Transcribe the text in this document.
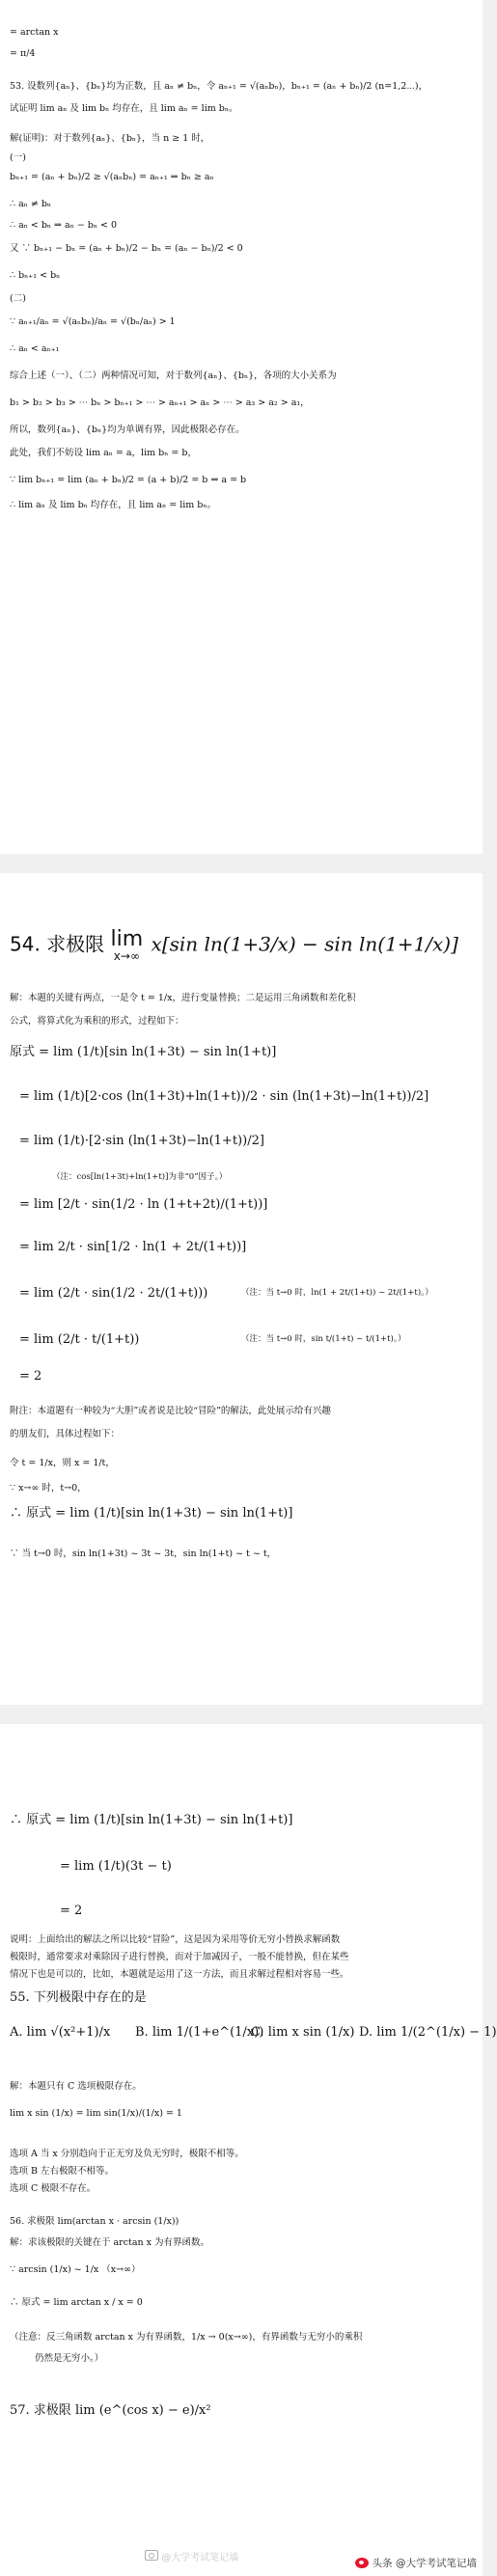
= arctan x
= π/4
53. 设数列{aₙ}、{bₙ}均为正数，且 aₙ ≠ bₙ，令 aₙ₊₁ = √(aₙbₙ)，bₙ₊₁ = (aₙ + bₙ)/2 (n=1,2⋯)，
试证明 lim aₙ 及 lim bₙ 均存在，且 lim aₙ = lim bₙ。
解(证明)：对于数列{aₙ}、{bₙ}，当 n ≥ 1 时，
(一)
bₙ₊₁ = (aₙ + bₙ)/2 ≥ √(aₙbₙ) = aₙ₊₁ ⇒ bₙ ≥ aₙ
∴ aₙ ≠ bₙ
∴ aₙ < bₙ ⇒ aₙ − bₙ < 0
又 ∵ bₙ₊₁ − bₙ = (aₙ + bₙ)/2 − bₙ = (aₙ − bₙ)/2 < 0
∴ bₙ₊₁ < bₙ
(二)
∵ aₙ₊₁/aₙ = √(aₙbₙ)/aₙ = √(bₙ/aₙ) > 1
∴ aₙ < aₙ₊₁
综合上述（一）、（二）两种情况可知，对于数列{aₙ}、{bₙ}，各项的大小关系为
b₁ > b₂ > b₃ > ⋯ bₙ > bₙ₊₁ > ⋯ > aₙ₊₁ > aₙ > ⋯ > a₃ > a₂ > a₁，
所以，数列{aₙ}、{bₙ}均为单调有界，因此极限必存在。
此处，我们不妨设 lim aₙ = a，lim bₙ = b，
∵ lim bₙ₊₁ = lim (aₙ + bₙ)/2 = (a + b)/2 = b ⇒ a = b
∴ lim aₙ 及 lim bₙ 均存在，且 lim aₙ = lim bₙ。
54. 求极限 lim
x→∞
x[sin ln(1+3/x) − sin ln(1+1/x)]
解：本题的关键有两点，一是令 t = 1/x，进行变量替换；二是运用三角函数和差化积
公式，将算式化为乘积的形式，过程如下：
原式 = lim (1/t)[sin ln(1+3t) − sin ln(1+t)]
= lim (1/t)[2·cos (ln(1+3t)+ln(1+t))/2 · sin (ln(1+3t)−ln(1+t))/2]
= lim (1/t)·[2·sin (ln(1+3t)−ln(1+t))/2]
（注：cos[ln(1+3t)+ln(1+t)]为非“0”因子。）
= lim [2/t · sin(1/2 · ln (1+t+2t)/(1+t))]
= lim 2/t · sin[1/2 · ln(1 + 2t/(1+t))]
= lim (2/t · sin(1/2 · 2t/(1+t)))	（注：当 t→0 时，ln(1 + 2t/(1+t)) ~ 2t/(1+t)。）
= lim (2/t · t/(1+t))	（注：当 t→0 时，sin t/(1+t) ~ t/(1+t)。）
= 2
附注：本道题有一种较为“大胆”或者说是比较“冒险”的解法，此处展示给有兴趣
的朋友们，具体过程如下：
令 t = 1/x，则 x = 1/t，
∵ x→∞ 时，t→0，
∴ 原式 = lim (1/t)[sin ln(1+3t) − sin ln(1+t)]
∵ 当 t→0 时，sin ln(1+3t) ~ 3t ~ 3t，sin ln(1+t) ~ t ~ t，
∴ 原式 = lim (1/t)[sin ln(1+3t) − sin ln(1+t)]
= lim (1/t)(3t − t)
= 2
说明：上面给出的解法之所以比较“冒险”，这是因为采用等价无穷小替换求解函数
极限时，通常要求对乘除因子进行替换，而对于加减因子，一般不能替换，但在某些
情况下也是可以的，比如，本题就是运用了这一方法，而且求解过程相对容易一些。
55. 下列极限中存在的是
A. lim √(x²+1)/x B. lim 1/(1+e^(1/x))
C. lim x sin (1/x) D. lim 1/(2^(1/x) − 1)
解：本题只有 C 选项极限存在。
lim x sin (1/x) = lim sin(1/x)/(1/x) = 1
选项 A 当 x 分别趋向于正无穷及负无穷时，极限不相等。
选项 B 左右极限不相等。
选项 C 极限不存在。
56. 求极限 lim(arctan x · arcsin (1/x))
解：求该极限的关键在于 arctan x 为有界函数。
∵ arcsin (1/x) ~ 1/x （x→∞）
∴ 原式 = lim arctan x / x = 0
（注意：反三角函数 arctan x 为有界函数，1/x → 0(x→∞)，有界函数与无穷小的乘积
仍然是无穷小。）
57. 求极限 lim (e^(cos x) − e)/x²
@大学考试笔记墙	头条 @大学考试笔记墙
